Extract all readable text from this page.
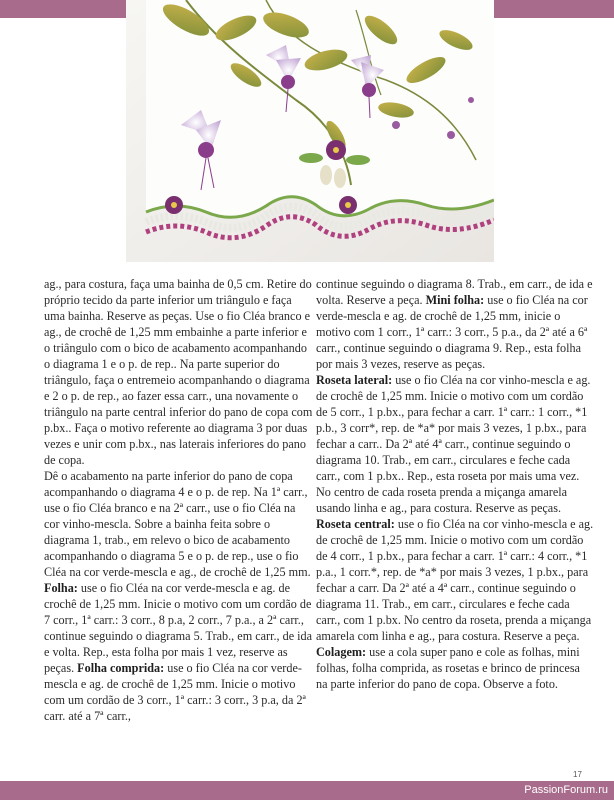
ag., para costura, faça uma bainha de 0,5 cm. Retire do próprio tecido da parte inferior um triângulo e faça uma bainha. Reserve as peças. Use o fio Cléa branco e ag., de crochê de 1,25 mm embainhe a parte inferior e o triângulo com o bico de acabamento acompanhando o diagrama 1 e o p. de rep.. Na parte superior do triângulo, faça o entremeio acompanhando o diagrama e 2 o p. de rep., ao fazer essa carr., una novamente o triângulo na parte central inferior do pano de copa com p.bx.. Faça o motivo referente ao diagrama 3 por duas vezes e unir com p.bx., nas laterais inferiores do pano de copa.

Dê o acabamento na parte inferior do pano de copa acompanhando o diagrama 4 e o p. de rep. Na 1ª carr., use o fio Cléa branco e na 2ª carr., use o fio Cléa na cor vinho-mescla. Sobre a bainha feita sobre o diagrama 1, trab., em relevo o bico de acabamento acompanhando o diagrama 5 e o p. de rep., use o fio Cléa na cor verde-mescla e ag., de crochê de 1,25 mm.

Folha: use o fio Cléa na cor verde-mescla e ag. de crochê de 1,25 mm. Inicie o motivo com um cordão de 7 corr., 1ª carr.: 3 corr., 8 p.a, 2 corr., 7 p.a., a 2ª carr., continue seguindo o diagrama 5. Trab., em carr., de ida e volta. Rep., esta folha por mais 1 vez, reserve as peças. Folha comprida: use o fio Cléa na cor verde-mescla e ag. de crochê de 1,25 mm. Inicie o motivo com um cordão de 3 corr., 1ª carr.: 3 corr., 3 p.a, da 2ª carr. até a 7ª carr.,

continue seguindo o diagrama 8. Trab., em carr., de ida e volta. Reserve a peça. Mini folha: use o fio Cléa na cor verde-mescla e ag. de crochê de 1,25 mm, inicie o motivo com 1 corr., 1ª carr.: 3 corr., 5 p.a., da 2ª até a 6ª carr., continue seguindo o diagrama 9. Rep., esta folha por mais 3 vezes, reserve as peças.

Roseta lateral: use o fio Cléa na cor vinho-mescla e ag. de crochê de 1,25 mm. Inicie o motivo com um cordão de 5 corr., 1 p.bx., para fechar a carr. 1ª carr.: 1 corr., *1 p.b., 3 corr*, rep. de *a* por mais 3 vezes, 1 p.bx., para fechar a carr.. Da 2ª até 4ª carr., continue seguindo o diagrama 10. Trab., em carr., circulares e feche cada carr., com 1 p.bx.. Rep., esta roseta por mais uma vez. No centro de cada roseta prenda a miçanga amarela usando linha e ag., para costura. Reserve as peças.

Roseta central: use o fio Cléa na cor vinho-mescla e ag. de crochê de 1,25 mm. Inicie o motivo com um cordão de 4 corr., 1 p.bx., para fechar a carr. 1ª carr.: 4 corr., *1 p.a., 1 corr.*, rep. de *a* por mais 3 vezes, 1 p.bx., para fechar a carr. Da 2ª até a 4ª carr., continue seguindo o diagrama 11. Trab., em carr., circulares e feche cada carr., com 1 p.bx. No centro da roseta, prenda a miçanga amarela com linha e ag., para costura. Reserve a peça.

Colagem: use a cola super pano e cole as folhas, mini folhas, folha comprida, as rosetas e brinco de princesa na parte inferior do pano de copa. Observe a foto.

17
PassionForum.ru
